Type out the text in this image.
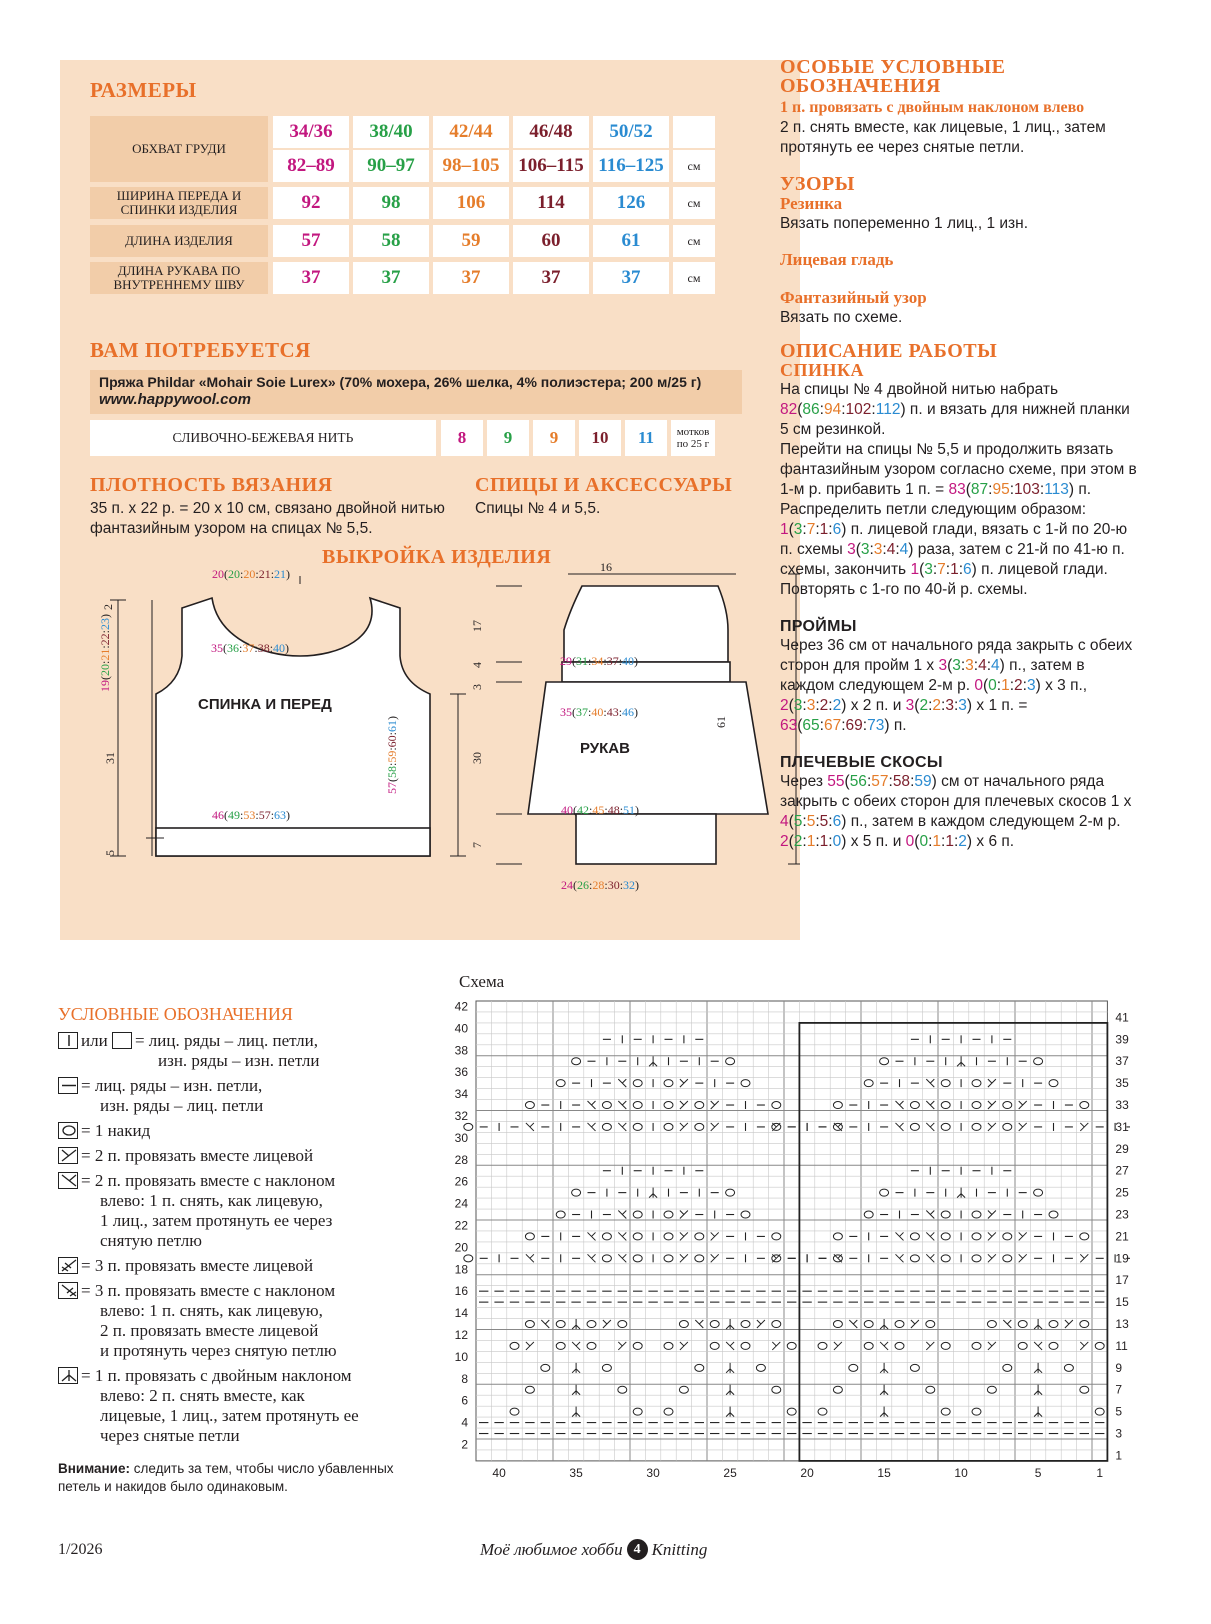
РАЗМЕРЫ
34/36	38/40	42/44	46/48	50/52
ОБХВАТ ГРУДИ
82–89	90–97	98–105 106–115 116–125	см
ШИРИНА ПЕРЕДА И СПИНКИ ИЗДЕЛИЯ	92	98	106	114	126	см
ДЛИНА ИЗДЕЛИЯ	57	58	59	60	61	см
ДЛИНА РУКАВА ПО ВНУТРЕННЕМУ ШВУ	37	37	37	37	37	см
ВАМ ПОТРЕБУЕТСЯ
Пряжа Phildar «Mohair Soie Lurex» (70% мохера, 26% шелка, 4% полиэстера; 200 м/25 г)
www.happywool.com
СЛИВОЧНО-БЕЖЕВАЯ НИТЬ	8	9	9	10	11	мотков по 25 г
ПЛОТНОСТЬ ВЯЗАНИЯ
35 п. х 22 р. = 20 х 10 см, связано двойной нитью фантазийным узором на спицах № 5,5.
СПИЦЫ И АКСЕССУАРЫ
Спицы № 4 и 5,5.
ВЫКРОЙКА ИЗДЕЛИЯ
20(20:20:21:21)
35(36:37:38:40)
СПИНКА И ПЕРЕД
46(49:53:57:63)
19(20:21:22:23)
2
31
5
57(58:59:60:61)
16
17
4
3
30
7
61
29(31:34:37:40)
35(37:40:43:46)
РУКАВ
40(42:45:48:51)
24(26:28:30:32)
ОСОБЫЕ УСЛОВНЫЕ ОБОЗНАЧЕНИЯ
1 п. провязать с двойным наклоном влево
2 п. снять вместе, как лицевые, 1 лиц., затем протянуть ее через снятые петли.
УЗОРЫ
Резинка
Вязать попеременно 1 лиц., 1 изн.
Лицевая гладь
Фантазийный узор
Вязать по схеме.
ОПИСАНИЕ РАБОТЫ
СПИНКА
На спицы № 4 двойной нитью набрать 82(86:94:102:112) п. и вязать для нижней планки 5 см резинкой.
Перейти на спицы № 5,5 и продолжить вязать фантазийным узором согласно схеме, при этом в 1-м р. прибавить 1 п. = 83(87:95:103:113) п. Распределить петли следующим образом: 1(3:7:1:6) п. лицевой глади, вязать с 1-й по 20-ю п. схемы 3(3:3:4:4) раза, затем с 21-й по 41-ю п. схемы, закончить 1(3:7:1:6) п. лицевой глади. Повторять с 1-го по 40-й р. схемы.
ПРОЙМЫ
Через 36 см от начального ряда закрыть с обеих сторон для пройм 1 х 3(3:3:4:4) п., затем в каждом следующем 2-м р. 0(0:1:2:3) х 3 п., 2(3:3:2:2) х 2 п. и 3(2:2:3:3) х 1 п. = 63(65:67:69:73) п.
ПЛЕЧЕВЫЕ СКОСЫ
Через 55(56:57:58:59) см от начального ряда закрыть с обеих сторон для плечевых скосов 1 х 4(5:5:5:6) п., затем в каждом следующем 2-м р. 2(2:1:1:0) х 5 п. и 0(0:1:1:2) х 6 п.
УСЛОВНЫЕ ОБОЗНАЧЕНИЯ

или = лиц. ряды – лиц. петли,
изн. ряды – изн. петли

= лиц. ряды – изн. петли,
изн. ряды – лиц. петли

= 1 накид

= 2 п. провязать вместе лицевой

= 2 п. провязать вместе с наклоном
влево: 1 п. снять, как лицевую,
1 лиц., затем протянуть ее через
снятую петлю

= 3 п. провязать вместе лицевой

= 3 п. провязать вместе с наклоном
влево: 1 п. снять, как лицевую,
2 п. провязать вместе лицевой
и протянуть через снятую петлю

= 1 п. провязать с двойным наклоном
влево: 2 п. снять вместе, как
лицевые, 1 лиц., затем протянуть ее
через снятые петли

Внимание: следить за тем, чтобы число убавленных петель и накидов было одинаковым.
Схема
42
40
38
36
34
32
30
28
26
24
22
20
18
16
14
12
10
8
6
4
2
41
39
37
35
33
31
29
27
25
23
21
19
17
15
13
11
9
7
5
3
1
40	35	30	25	20	15	10	5	1
1/2026	Моё любимое хобби 4 Knitting
